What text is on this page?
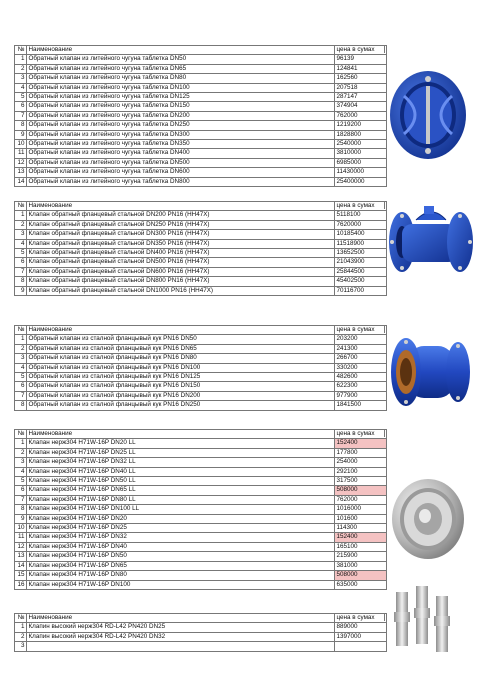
№	Наименование	цена в сумах
1	Обратный клапан из литейного чугуна таблетка DN50	96139
2	Обратный клапан из литейного чугуна таблетка DN65	124841
3	Обратный клапан из литейного чугуна таблетка DN80	162560
4	Обратный клапан из литейного чугуна таблетка DN100	207518
5	Обратный клапан из литейного чугуна таблетка DN125	287147
6	Обратный клапан из литейного чугуна таблетка DN150	374904
7	Обратный клапан из литейного чугуна таблетка DN200	762000
8	Обратный клапан из литейного чугуна таблетка DN250	1219200
9	Обратный клапан из литейного чугуна таблетка DN300	1828800
10	Обратный клапан из литейного чугуна таблетка DN350	2540000
11	Обратный клапан из литейного чугуна таблетка DN400	3810000
12	Обратный клапан из литейного чугуна таблетка DN500	6985000
13	Обратный клапан из литейного чугуна таблетка DN600	11430000
14	Обратный клапан из литейного чугуна таблетка DN800	25400000
№	Наименование	цена в сумах
1	Клапан обратный фланцевый стальной DN200 PN16 (HH47X)	5118100
2	Клапан обратный фланцевый стальной DN250 PN16 (HH47X)	7620000
3	Клапан обратный фланцевый стальной DN300 PN16 (HH47X)	10185400
4	Клапан обратный фланцевый стальной DN350 PN16 (HH47X)	11518900
5	Клапан обратный фланцевый стальной DN400 PN16 (HH47X)	13652500
6	Клапан обратный фланцевый стальной DN500 PN16 (HH47X)	21043900
7	Клапан обратный фланцевый стальной DN600 PN16 (HH47X)	25844500
8	Клапан обратный фланцевый стальной DN800 PN16 (HH47X)	45402500
9	Клапан обратный фланцевый стальной DN1000 PN16 (HH47X)	70116700
№	Наименование	цена в сумах
1	Обратный клапан из сталной фланцывый кук PN16 DN50	203200
2	Обратный клапан из сталной фланцывый кук PN16 DN65	241300
3	Обратный клапан из сталной фланцывый кук PN16 DN80	266700
4	Обратный клапан из сталной фланцывый кук PN16 DN100	330200
5	Обратный клапан из сталной фланцывый кук PN16 DN125	482600
6	Обратный клапан из сталной фланцывый кук PN16 DN150	622300
7	Обратный клапан из сталной фланцывый кук PN16 DN200	977900
8	Обратный клапан из сталной фланцывый кук PN16 DN250	1841500
№	Наименование	цена в сумах
1	Клапан нерж304 H71W-16P DN20 LL	152400
2	Клапан нерж304 H71W-16P DN25 LL	177800
3	Клапан нерж304 H71W-16P DN32 LL	254000
4	Клапан нерж304 H71W-16P DN40 LL	292100
5	Клапан нерж304 H71W-16P DN50 LL	317500
6	Клапан нерж304 H71W-16P DN65 LL	508000
7	Клапан нерж304 H71W-16P DN80 LL	762000
8	Клапан нерж304 H71W-16P DN100 LL	1016000
9	Клапан нерж304 H71W-16P DN20	101600
10	Клапан нерж304 H71W-16P DN25	114300
11	Клапан нерж304 H71W-16P DN32	152400
12	Клапан нерж304 H71W-16P DN40	165100
13	Клапан нерж304 H71W-16P DN50	215900
14	Клапан нерж304 H71W-16P DN65	381000
15	Клапан нерж304 H71W-16P DN80	508000
16	Клапан нерж304 H71W-16P DN100	635000
№	Наименование	цена в сумах
1	Клапин высокий нерж304 RD-L42 PN420 DN25	889000
2	Клапин высокий нерж304 RD-L42 PN420 DN32	1397000
3		
